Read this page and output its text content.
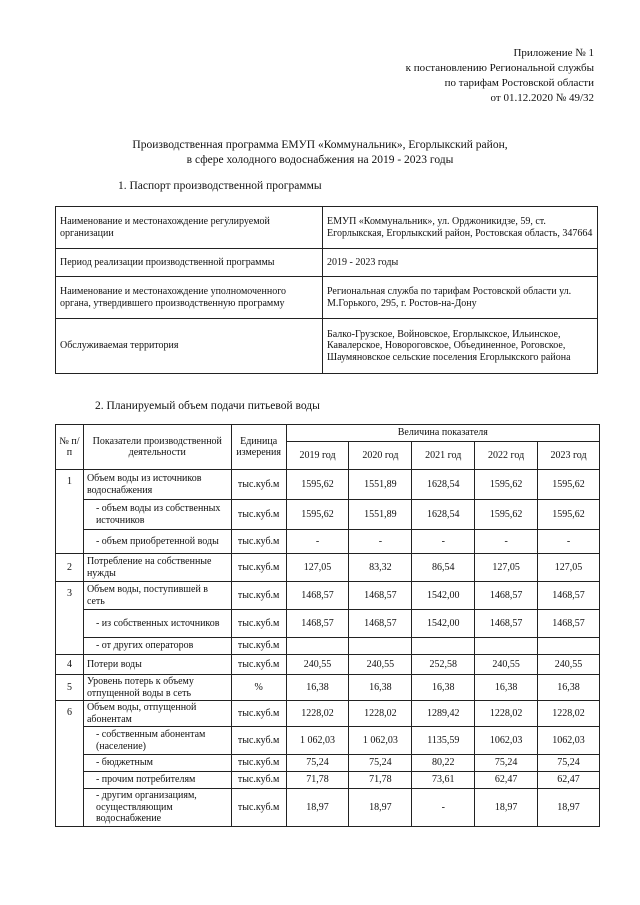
Приложение № 1
к постановлению Региональной службы
по тарифам Ростовской области
от 01.12.2020 № 49/32
Производственная программа ЕМУП «Коммунальник», Егорлыкский район,
в сфере холодного водоснабжения на 2019 - 2023 годы
1. Паспорт производственной программы
Наименование и местонахождение регулируемой организации	ЕМУП «Коммунальник», ул. Орджоникидзе, 59, ст. Егорлыкская, Егорлыкский район, Ростовская область, 347664
Период реализации производственной программы	2019 - 2023 годы
Наименование и местонахождение уполномоченного органа, утвердившего производственную программу	Региональная служба по тарифам Ростовской области ул. М.Горького, 295, г. Ростов-на-Дону
Обслуживаемая территория	Балко-Грузское, Войновское, Егорлыкское, Ильинское, Кавалерское, Новороговское, Объединенное, Роговское, Шаумяновское сельские поселения Егорлыкского района
2. Планируемый объем подачи питьевой воды
№ п/п	Показатели производственной деятельности	Единица измерения	Величина показателя				
			2019 год	2020 год	2021 год	2022 год	2023 год
1	Объем воды из источников водоснабжения	тыс.куб.м	1595,62	1551,89	1628,54	1595,62	1595,62
	- объем воды из собственных источников	тыс.куб.м	1595,62	1551,89	1628,54	1595,62	1595,62
	- объем приобретенной воды	тыс.куб.м	-	-	-	-	-
2	Потребление на собственные нужды	тыс.куб.м	127,05	83,32	86,54	127,05	127,05
3	Объем воды, поступившей в сеть	тыс.куб.м	1468,57	1468,57	1542,00	1468,57	1468,57
	- из собственных источников	тыс.куб.м	1468,57	1468,57	1542,00	1468,57	1468,57
	- от других операторов	тыс.куб.м					
4	Потери воды	тыс.куб.м	240,55	240,55	252,58	240,55	240,55
5	Уровень потерь к объему отпущенной воды в сеть	%	16,38	16,38	16,38	16,38	16,38
6	Объем воды, отпущенной абонентам	тыс.куб.м	1228,02	1228,02	1289,42	1228,02	1228,02
	- собственным абонентам (население)	тыс.куб.м	1 062,03	1 062,03	1135,59	1062,03	1062,03
	- бюджетным	тыс.куб.м	75,24	75,24	80,22	75,24	75,24
	- прочим потребителям	тыс.куб.м	71,78	71,78	73,61	62,47	62,47
	- другим организациям, осуществляющим водоснабжение	тыс.куб.м	18,97	18,97	-	18,97	18,97
